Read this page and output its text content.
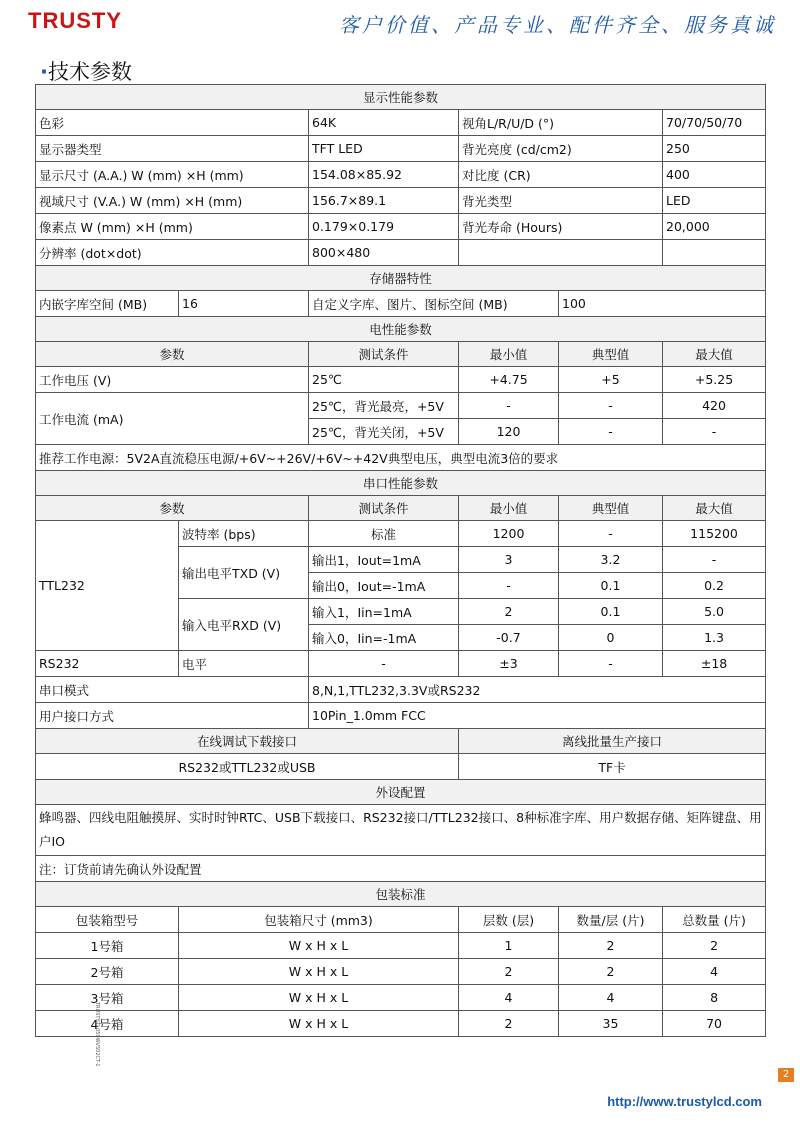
TRUSTY	客户价值、产品专业、配件齐全、服务真诚
·技术参数
显示性能参数					
色彩		64K	视角L/R/U/D (°)		70/70/50/70
显示器类型		TFT LED	背光亮度 (cd/cm2)		250
显示尺寸 (A.A.) W (mm) ×H (mm)		154.08×85.92	对比度 (CR)		400
视域尺寸 (V.A.) W (mm) ×H (mm)		156.7×89.1	背光类型		LED
像素点 W (mm) ×H (mm)		0.179×0.179	背光寿命 (Hours)		20,000
分辨率 (dot×dot)		800×480			
存储器特性					
内嵌字库空间 (MB)	16	自定义字库、图片、图标空间 (MB)		100	
电性能参数					
参数		测试条件	最小值	典型值	最大值
工作电压 (V)		25℃	+4.75	+5	+5.25
工作电流 (mA)		25℃，背光最亮，+5V	-	-	420
		25℃，背光关闭，+5V	120	-	-
推荐工作电源：5V2A直流稳压电源/+6V~+26V/+6V~+42V典型电压，典型电流3倍的要求					
串口性能参数					
参数		测试条件	最小值	典型值	最大值
TTL232	波特率 (bps)	标准	1200	-	115200
	输出电平TXD (V)	输出1，Iout=1mA	3	3.2	-
		输出0，Iout=-1mA	-	0.1	0.2
	输入电平RXD (V)	输入1，Iin=1mA	2	0.1	5.0
		输入0，Iin=-1mA	-0.7	0	1.3
RS232	电平	-	±3	-	±18
串口模式		8,N,1,TTL232,3.3V或RS232			
用户接口方式		10Pin_1.0mm FCC			
在线调试下载接口			离线批量生产接口		
RS232或TTL232或USB			TF卡		
外设配置					
蜂鸣器、四线电阻触摸屏、实时时钟RTC、USB下载接口、RS232接口/TTL232接口、8种标准字库、用户数据存储、矩阵键盘、用户IO					
注：订货前请先确认外设配置					
包装标准					
包装箱型号	包装箱尺寸 (mm3)		层数 (层)	数量/层 (片)	总数量 (片)
1号箱	W x H x L		1	2	2
2号箱	W x H x L		2	2	4
3号箱	W x H x L		4	4	8
4号箱	W x H x L		2	35	70
TRUSTY-TL050WVS02CT-1
2
http://www.trustylcd.com
